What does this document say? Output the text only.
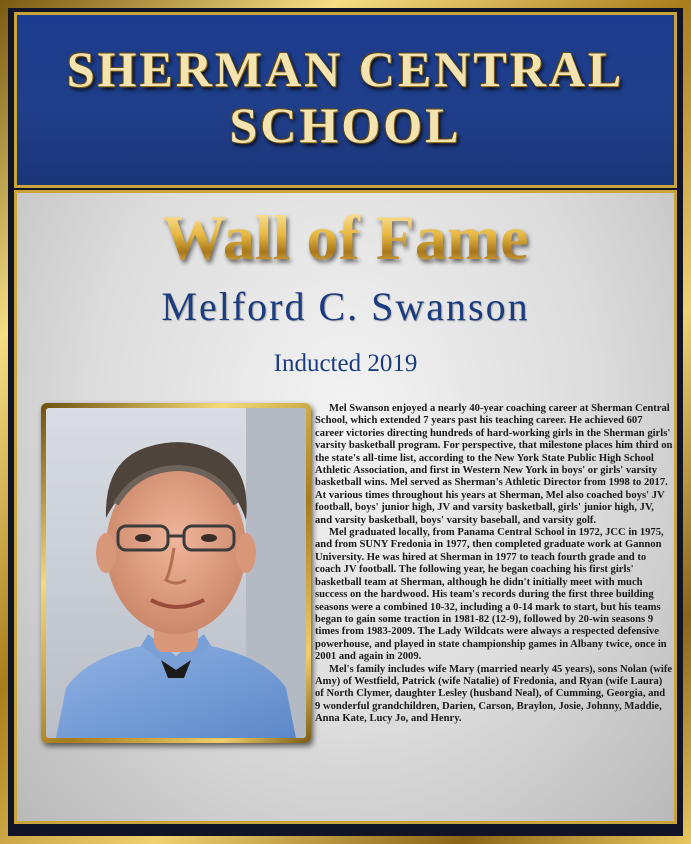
SHERMAN CENTRAL SCHOOL
Wall of Fame
Melford C. Swanson
Inducted 2019

Mel Swanson enjoyed a nearly 40-year coaching career at Sherman Central School, which extended 7 years past his teaching career. He achieved 607 career victories directing hundreds of hard-working girls in the Sherman girls' varsity basketball program. For perspective, that milestone places him third on the state's all-time list, according to the New York State Public High School Athletic Association, and first in Western New York in boys' or girls' varsity basketball wins. Mel served as Sherman's Athletic Director from 1998 to 2017. At various times throughout his years at Sherman, Mel also coached boys' JV football, boys' junior high, JV and varsity basketball, girls' junior high, JV, and varsity basketball, boys' varsity baseball, and varsity golf.

Mel graduated locally, from Panama Central School in 1972, JCC in 1975, and from SUNY Fredonia in 1977, then completed graduate work at Gannon University. He was hired at Sherman in 1977 to teach fourth grade and to coach JV football. The following year, he began coaching his first girls' basketball team at Sherman, although he didn't initially meet with much success on the hardwood. His team's records during the first three building seasons were a combined 10-32, including a 0-14 mark to start, but his teams began to gain some traction in 1981-82 (12-9), followed by 20-win seasons 9 times from 1983-2009. The Lady Wildcats were always a respected defensive powerhouse, and played in state championship games in Albany twice, once in 2001 and again in 2009.

Mel's family includes wife Mary (married nearly 45 years), sons Nolan (wife Amy) of Westfield, Patrick (wife Natalie) of Fredonia, and Ryan (wife Laura) of North Clymer, daughter Lesley (husband Neal), of Cumming, Georgia, and 9 wonderful grandchildren, Darien, Carson, Braylon, Josie, Johnny, Maddie, Anna Kate, Lucy Jo, and Henry.
